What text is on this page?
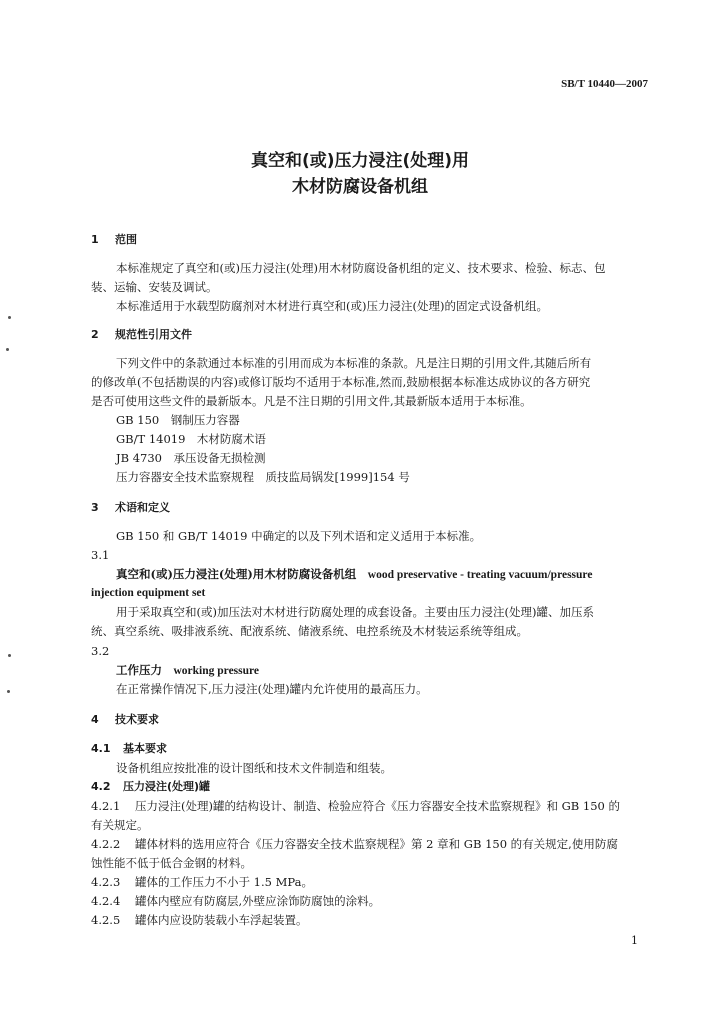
SB/T 10440—2007
真空和(或)压力浸注(处理)用
木材防腐设备机组
1 范围
本标准规定了真空和(或)压力浸注(处理)用木材防腐设备机组的定义、技术要求、检验、标志、包
装、运输、安装及调试。
本标准适用于水载型防腐剂对木材进行真空和(或)压力浸注(处理)的固定式设备机组。
2 规范性引用文件
下列文件中的条款通过本标准的引用而成为本标准的条款。凡是注日期的引用文件,其随后所有
的修改单(不包括勘误的内容)或修订版均不适用于本标准,然而,鼓励根据本标准达成协议的各方研究
是否可使用这些文件的最新版本。凡是不注日期的引用文件,其最新版本适用于本标准。
GB 150　钢制压力容器
GB/T 14019　木材防腐术语
JB 4730　承压设备无损检测
压力容器安全技术监察规程　质技监局锅发[1999]154 号
3 术语和定义
GB 150 和 GB/T 14019 中确定的以及下列术语和定义适用于本标准。
3.1
真空和(或)压力浸注(处理)用木材防腐设备机组　 wood preservative - treating vacuum/pressure
injection equipment set
用于采取真空和(或)加压法对木材进行防腐处理的成套设备。主要由压力浸注(处理)罐、加压系
统、真空系统、吸排液系统、配液系统、储液系统、电控系统及木材装运系统等组成。
3.2
工作压力　 working pressure
在正常操作情况下,压力浸注(处理)罐内允许使用的最高压力。
4 技术要求
4.1 基本要求
设备机组应按批准的设计图纸和技术文件制造和组装。
4.2 压力浸注(处理)罐
4.2.1 压力浸注(处理)罐的结构设计、制造、检验应符合《压力容器安全技术监察规程》和 GB 150 的
有关规定。
4.2.2 罐体材料的选用应符合《压力容器安全技术监察规程》第 2 章和 GB 150 的有关规定,使用防腐
蚀性能不低于低合金钢的材料。
4.2.3 罐体的工作压力不小于 1.5 MPa。
4.2.4 罐体内壁应有防腐层,外壁应涂饰防腐蚀的涂料。
4.2.5 罐体内应设防装载小车浮起装置。
1
